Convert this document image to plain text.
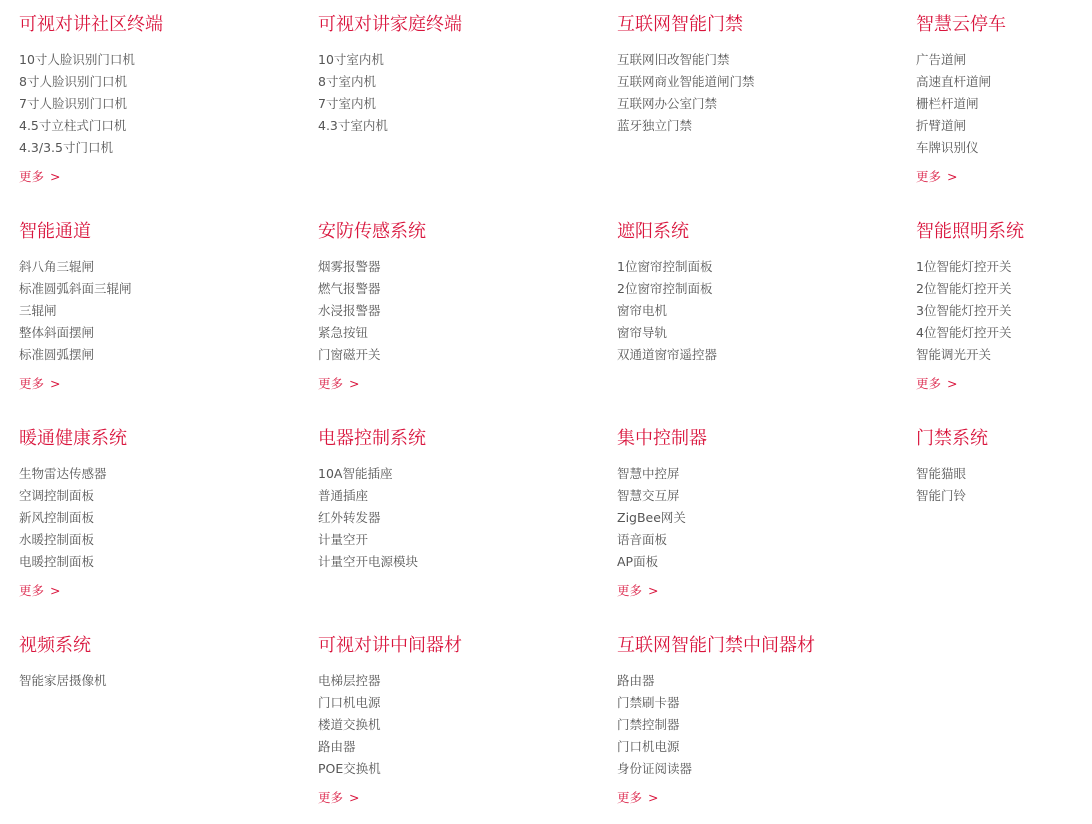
可视对讲社区终端
10寸人脸识别门口机
8寸人脸识别门口机
7寸人脸识别门口机
4.5寸立柱式门口机
4.3/3.5寸门口机
更多 >
可视对讲家庭终端
10寸室内机
8寸室内机
7寸室内机
4.3寸室内机
互联网智能门禁
互联网旧改智能门禁
互联网商业智能道闸门禁
互联网办公室门禁
蓝牙独立门禁
智慧云停车
广告道闸
高速直杆道闸
栅栏杆道闸
折臂道闸
车牌识别仪
更多 >
智能通道
斜八角三辊闸
标准圆弧斜面三辊闸
三辊闸
整体斜面摆闸
标准圆弧摆闸
更多 >
安防传感系统
烟雾报警器
燃气报警器
水浸报警器
紧急按钮
门窗磁开关
更多 >
遮阳系统
1位窗帘控制面板
2位窗帘控制面板
窗帘电机
窗帘导轨
双通道窗帘遥控器
智能照明系统
1位智能灯控开关
2位智能灯控开关
3位智能灯控开关
4位智能灯控开关
智能调光开关
更多 >
暖通健康系统
生物雷达传感器
空调控制面板
新风控制面板
水暖控制面板
电暖控制面板
更多 >
电器控制系统
10A智能插座
普通插座
红外转发器
计量空开
计量空开电源模块
集中控制器
智慧中控屏
智慧交互屏
ZigBee网关
语音面板
AP面板
更多 >
门禁系统
智能猫眼
智能门铃
视频系统
智能家居摄像机
可视对讲中间器材
电梯层控器
门口机电源
楼道交换机
路由器
POE交换机
更多 >
互联网智能门禁中间器材
路由器
门禁刷卡器
门禁控制器
门口机电源
身份证阅读器
更多 >
